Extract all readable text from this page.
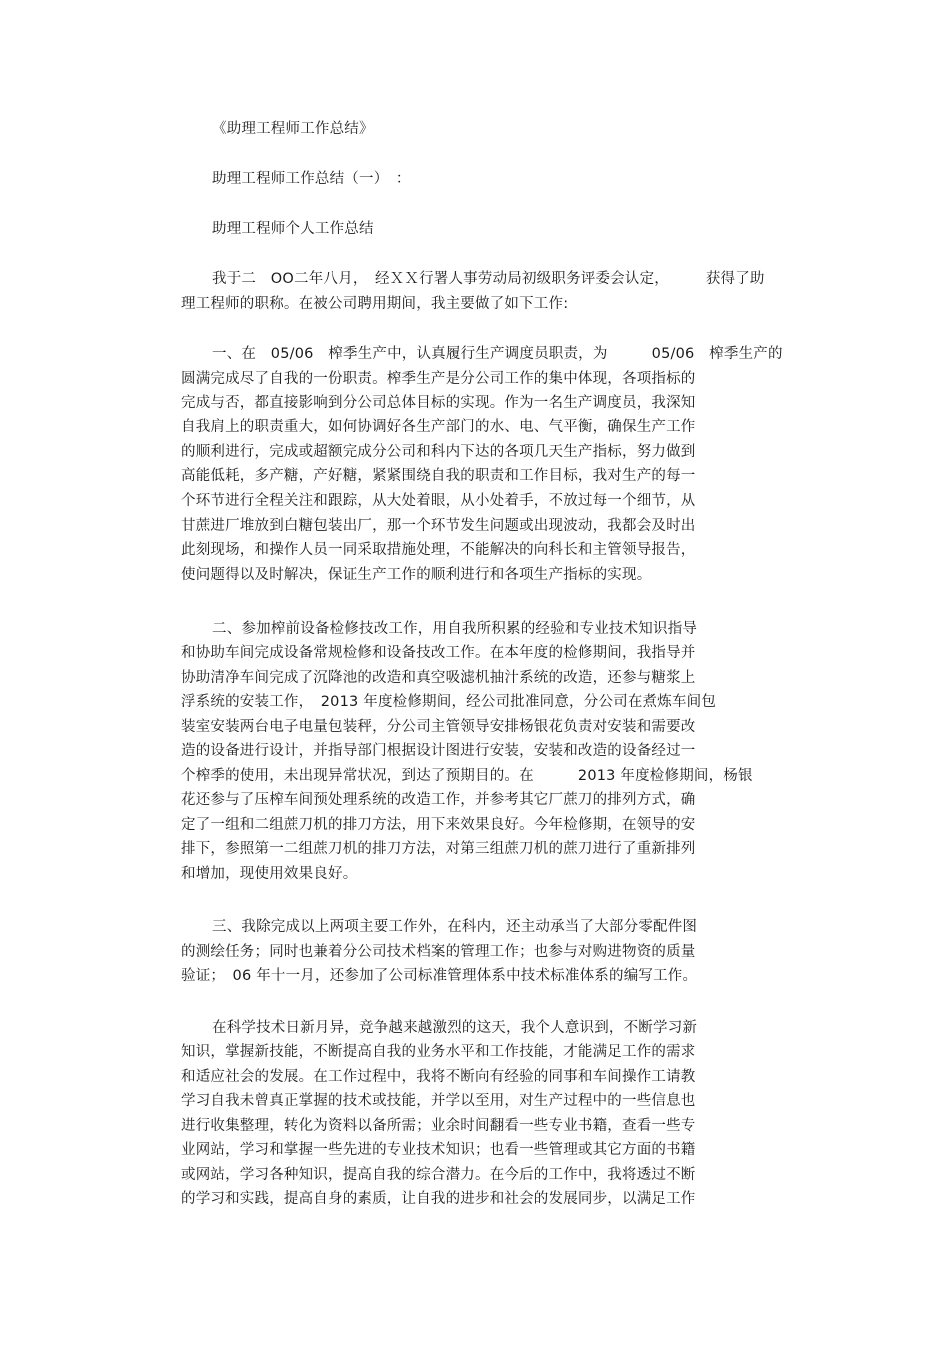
《助理工程师工作总结》

助理工程师工作总结（一）　：

助理工程师个人工作总结

我于二　OO二年八月，　经ＸＸ行署人事劳动局初级职务评委会认定，　　　获得了助

理工程师的职称。在被公司聘用期间，我主要做了如下工作:

一、在　05/06　榨季生产中，认真履行生产调度员职责，为　　　05/06　榨季生产的

圆满完成尽了自我的一份职责。榨季生产是分公司工作的集中体现，各项指标的

完成与否，都直接影响到分公司总体目标的实现。作为一名生产调度员，我深知

自我肩上的职责重大，如何协调好各生产部门的水、电、气平衡，确保生产工作

的顺利进行，完成或超额完成分公司和科内下达的各项几天生产指标，努力做到

高能低耗，多产糖，产好糖，紧紧围绕自我的职责和工作目标，我对生产的每一

个环节进行全程关注和跟踪，从大处着眼，从小处着手，不放过每一个细节，从

甘蔗进厂堆放到白糖包装出厂，那一个环节发生问题或出现波动，我都会及时出

此刻现场，和操作人员一同采取措施处理，不能解决的向科长和主管领导报告，

使问题得以及时解决，保证生产工作的顺利进行和各项生产指标的实现。

二、参加榨前设备检修技改工作，用自我所积累的经验和专业技术知识指导

和协助车间完成设备常规检修和设备技改工作。在本年度的检修期间，我指导并

协助清净车间完成了沉降池的改造和真空吸滤机抽汁系统的改造，还参与糖浆上

浮系统的安装工作，　2013 年度检修期间，经公司批准同意，分公司在煮炼车间包

装室安装两台电子电量包装秤，分公司主管领导安排杨银花负责对安装和需要改

造的设备进行设计，并指导部门根据设计图进行安装，安装和改造的设备经过一

个榨季的使用，未出现异常状况，到达了预期目的。在　　　2013 年度检修期间，杨银

花还参与了压榨车间预处理系统的改造工作，并参考其它厂蔗刀的排列方式，确

定了一组和二组蔗刀机的排刀方法，用下来效果良好。今年检修期，在领导的安

排下，参照第一二组蔗刀机的排刀方法，对第三组蔗刀机的蔗刀进行了重新排列

和增加，现使用效果良好。

三、我除完成以上两项主要工作外，在科内，还主动承当了大部分零配件图

的测绘任务；同时也兼着分公司技术档案的管理工作；也参与对购进物资的质量

验证；　06 年十一月，还参加了公司标准管理体系中技术标准体系的编写工作。

在科学技术日新月异，竞争越来越激烈的这天，我个人意识到，不断学习新

知识，掌握新技能，不断提高自我的业务水平和工作技能，才能满足工作的需求

和适应社会的发展。在工作过程中，我将不断向有经验的同事和车间操作工请教

学习自我未曾真正掌握的技术或技能，并学以至用，对生产过程中的一些信息也

进行收集整理，转化为资料以备所需；业余时间翻看一些专业书籍，查看一些专

业网站，学习和掌握一些先进的专业技术知识；也看一些管理或其它方面的书籍

或网站，学习各种知识，提高自我的综合潜力。在今后的工作中，我将透过不断

的学习和实践，提高自身的素质，让自我的进步和社会的发展同步，以满足工作
